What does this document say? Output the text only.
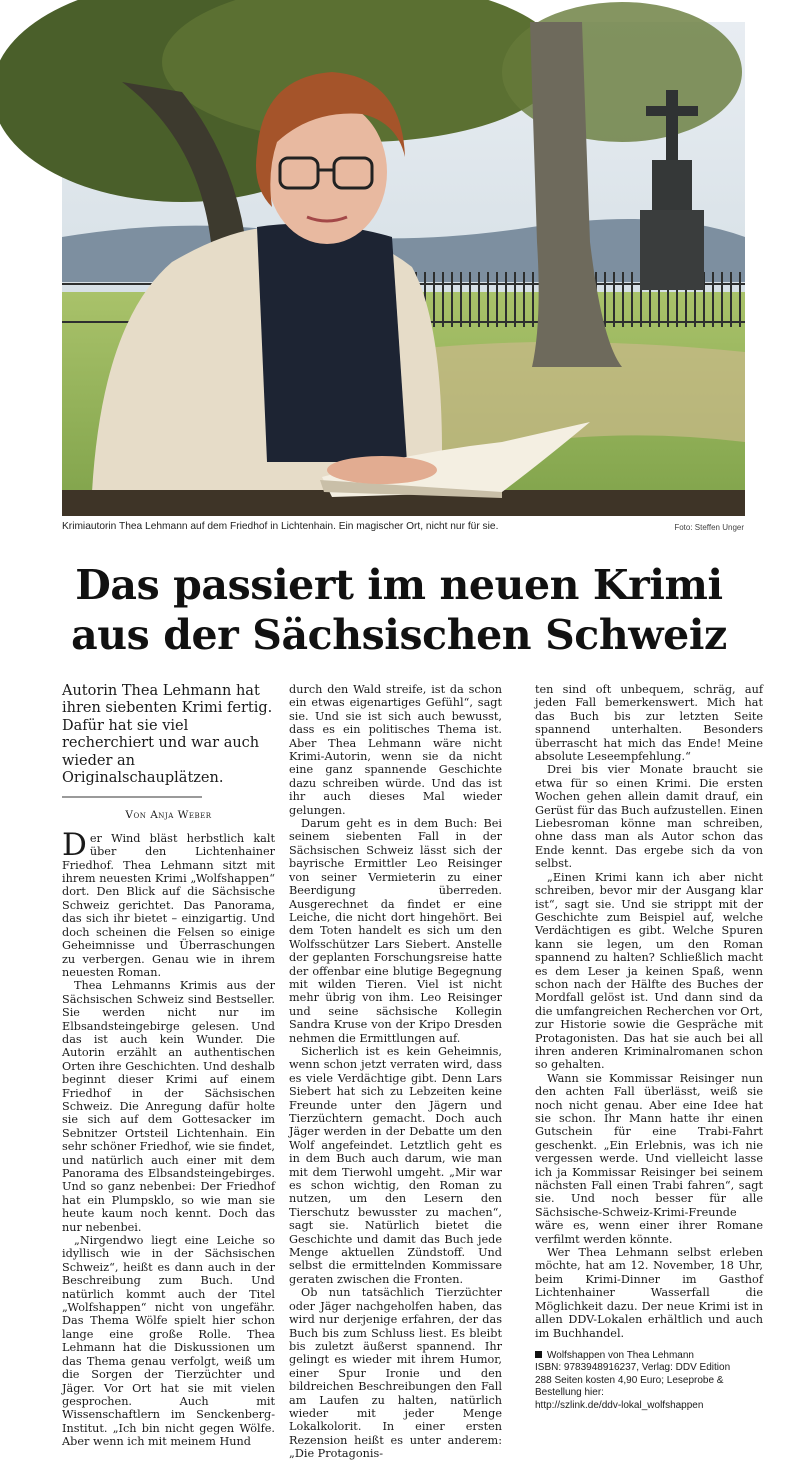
Krimiautorin Thea Lehmann auf dem Friedhof in Lichtenhain. Ein magischer Ort, nicht nur für sie.	Foto: Steffen Unger
Das passiert im neuen Krimi
aus der Sächsischen Schweiz

Autorin Thea Lehmann hat ihren siebenten Krimi fertig. Dafür hat sie viel recherchiert und war auch wieder an Originalschauplätzen.

Von Anja Weber

Der Wind bläst herbstlich kalt über den Lichtenhainer Friedhof. Thea Lehmann sitzt mit ihrem neuesten Krimi „Wolfshappen“ dort. Den Blick auf die Sächsische Schweiz gerichtet. Das Panorama, das sich ihr bietet – einzigartig. Und doch scheinen die Felsen so einige Geheimnisse und Überraschungen zu verbergen. Genau wie in ihrem neuesten Roman.

Thea Lehmanns Krimis aus der Sächsischen Schweiz sind Bestseller. Sie werden nicht nur im Elbsandsteingebirge gelesen. Und das ist auch kein Wunder. Die Autorin erzählt an authentischen Orten ihre Geschichten. Und deshalb beginnt dieser Krimi auf einem Friedhof in der Sächsischen Schweiz. Die Anregung dafür holte sie sich auf dem Gottesacker im Sebnitzer Ortsteil Lichtenhain. Ein sehr schöner Friedhof, wie sie findet, und natürlich auch einer mit dem Panorama des Elbsandsteingebirges. Und so ganz nebenbei: Der Friedhof hat ein Plumpsklo, so wie man sie heute kaum noch kennt. Doch das nur nebenbei.

„Nirgendwo liegt eine Leiche so idyllisch wie in der Sächsischen Schweiz“, heißt es dann auch in der Beschreibung zum Buch. Und natürlich kommt auch der Titel „Wolfshappen“ nicht von ungefähr. Das Thema Wölfe spielt hier schon lange eine große Rolle. Thea Lehmann hat die Diskussionen um das Thema genau verfolgt, weiß um die Sorgen der Tierzüchter und Jäger. Vor Ort hat sie mit vielen gesprochen. Auch mit Wissenschaftlern im Senckenberg-Institut. „Ich bin nicht gegen Wölfe. Aber wenn ich mit meinem Hund

durch den Wald streife, ist da schon ein etwas eigenartiges Gefühl“, sagt sie. Und sie ist sich auch bewusst, dass es ein politisches Thema ist. Aber Thea Lehmann wäre nicht Krimi-Autorin, wenn sie da nicht eine ganz spannende Geschichte dazu schreiben würde. Und das ist ihr auch dieses Mal wieder gelungen.

Darum geht es in dem Buch: Bei seinem siebenten Fall in der Sächsischen Schweiz lässt sich der bayrische Ermittler Leo Reisinger von seiner Vermieterin zu einer Beerdigung überreden. Ausgerechnet da findet er eine Leiche, die nicht dort hingehört. Bei dem Toten handelt es sich um den Wolfsschützer Lars Siebert. Anstelle der geplanten Forschungsreise hatte der offenbar eine blutige Begegnung mit wilden Tieren. Viel ist nicht mehr übrig von ihm. Leo Reisinger und seine sächsische Kollegin Sandra Kruse von der Kripo Dresden nehmen die Ermittlungen auf.

Sicherlich ist es kein Geheimnis, wenn schon jetzt verraten wird, dass es viele Verdächtige gibt. Denn Lars Siebert hat sich zu Lebzeiten keine Freunde unter den Jägern und Tierzüchtern gemacht. Doch auch Jäger werden in der Debatte um den Wolf angefeindet. Letztlich geht es in dem Buch auch darum, wie man mit dem Tierwohl umgeht. „Mir war es schon wichtig, den Roman zu nutzen, um den Lesern den Tierschutz bewusster zu machen“, sagt sie. Natürlich bietet die Geschichte und damit das Buch jede Menge aktuellen Zündstoff. Und selbst die ermittelnden Kommissare geraten zwischen die Fronten.

Ob nun tatsächlich Tierzüchter oder Jäger nachgeholfen haben, das wird nur derjenige erfahren, der das Buch bis zum Schluss liest. Es bleibt bis zuletzt äußerst spannend. Ihr gelingt es wieder mit ihrem Humor, einer Spur Ironie und den bildreichen Beschreibungen den Fall am Laufen zu halten, natürlich wieder mit jeder Menge Lokalkolorit. In einer ersten Rezension heißt es unter anderem: „Die Protagonis-

ten sind oft unbequem, schräg, auf jeden Fall bemerkenswert. Mich hat das Buch bis zur letzten Seite spannend unterhalten. Besonders überrascht hat mich das Ende! Meine absolute Leseempfehlung.“

Drei bis vier Monate braucht sie etwa für so einen Krimi. Die ersten Wochen gehen allein damit drauf, ein Gerüst für das Buch aufzustellen. Einen Liebesroman könne man schreiben, ohne dass man als Autor schon das Ende kennt. Das ergebe sich da von selbst.

„Einen Krimi kann ich aber nicht schreiben, bevor mir der Ausgang klar ist“, sagt sie. Und sie strippt mit der Geschichte zum Beispiel auf, welche Verdächtigen es gibt. Welche Spuren kann sie legen, um den Roman spannend zu halten? Schließlich macht es dem Leser ja keinen Spaß, wenn schon nach der Hälfte des Buches der Mordfall gelöst ist. Und dann sind da die umfangreichen Recherchen vor Ort, zur Historie sowie die Gespräche mit Protagonisten. Das hat sie auch bei all ihren anderen Kriminalromanen schon so gehalten.

Wann sie Kommissar Reisinger nun den achten Fall überlässt, weiß sie noch nicht genau. Aber eine Idee hat sie schon. Ihr Mann hatte ihr einen Gutschein für eine Trabi-Fahrt geschenkt. „Ein Erlebnis, was ich nie vergessen werde. Und vielleicht lasse ich ja Kommissar Reisinger bei seinem nächsten Fall einen Trabi fahren“, sagt sie. Und noch besser für alle Sächsische-Schweiz-Krimi-Freunde wäre es, wenn einer ihrer Romane verfilmt werden könnte.

Wer Thea Lehmann selbst erleben möchte, hat am 12. November, 18 Uhr, beim Krimi-Dinner im Gasthof Lichtenhainer Wasserfall die Möglichkeit dazu. Der neue Krimi ist in allen DDV-Lokalen erhältlich und auch im Buchhandel.

Wolfshappen von Thea Lehmann
ISBN: 9783948916237, Verlag: DDV Edition
288 Seiten kosten 4,90 Euro; Leseprobe & Bestellung hier:
http://szlink.de/ddv-lokal_wolfshappen
